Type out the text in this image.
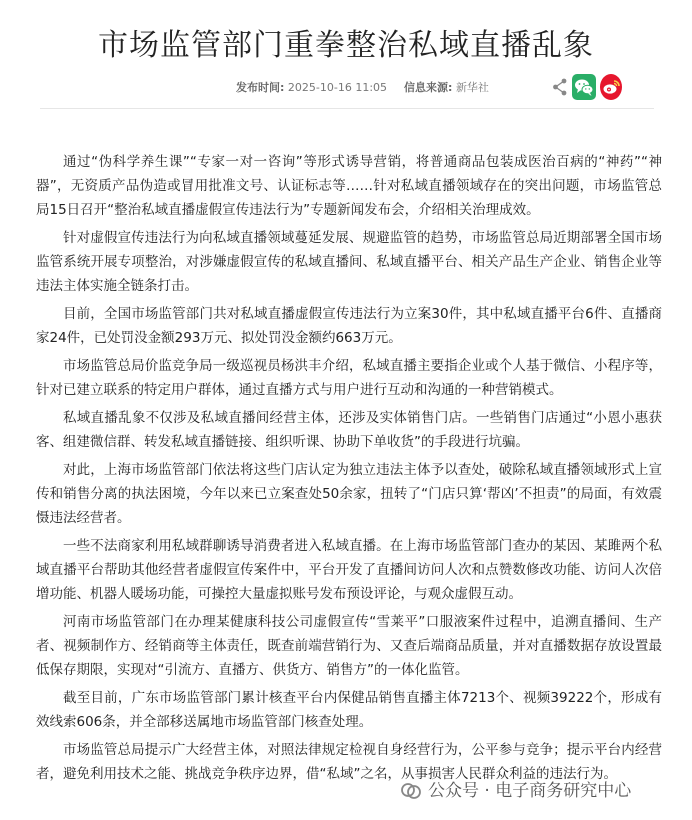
市场监管部门重拳整治私域直播乱象
发布时间: 2025-10-16 11:05 信息来源: 新华社

通过“伪科学养生课”“专家一对一咨询”等形式诱导营销，将普通商品包装成医治百病的“神药”“神器”，无资质产品伪造或冒用批准文号、认证标志等……针对私域直播领域存在的突出问题，市场监管总局15日召开“整治私域直播虚假宣传违法行为”专题新闻发布会，介绍相关治理成效。

针对虚假宣传违法行为向私域直播领域蔓延发展、规避监管的趋势，市场监管总局近期部署全国市场监管系统开展专项整治，对涉嫌虚假宣传的私域直播间、私域直播平台、相关产品生产企业、销售企业等违法主体实施全链条打击。

目前，全国市场监管部门共对私域直播虚假宣传违法行为立案30件，其中私域直播平台6件、直播商家24件，已处罚没金额293万元、拟处罚没金额约663万元。

市场监管总局价监竞争局一级巡视员杨洪丰介绍，私域直播主要指企业或个人基于微信、小程序等，针对已建立联系的特定用户群体，通过直播方式与用户进行互动和沟通的一种营销模式。

私域直播乱象不仅涉及私域直播间经营主体，还涉及实体销售门店。一些销售门店通过“小恩小惠获客、组建微信群、转发私域直播链接、组织听课、协助下单收货”的手段进行坑骗。

对此，上海市场监管部门依法将这些门店认定为独立违法主体予以查处，破除私域直播领域形式上宣传和销售分离的执法困境，今年以来已立案查处50余家，扭转了“门店只算‘帮凶’不担责”的局面，有效震慑违法经营者。

一些不法商家利用私域群聊诱导消费者进入私域直播。在上海市场监管部门查办的某因、某雎两个私域直播平台帮助其他经营者虚假宣传案件中，平台开发了直播间访问人次和点赞数修改功能、访问人次倍增功能、机器人暖场功能，可操控大量虚拟账号发布预设评论，与观众虚假互动。

河南市场监管部门在办理某健康科技公司虚假宣传“雪莱平”口服液案件过程中，追溯直播间、生产者、视频制作方、经销商等主体责任，既查前端营销行为、又查后端商品质量，并对直播数据存放设置最低保存期限，实现对“引流方、直播方、供货方、销售方”的一体化监管。

截至目前，广东市场监管部门累计核查平台内保健品销售直播主体7213个、视频39222个，形成有效线索606条，并全部移送属地市场监管部门核查处理。

市场监管总局提示广大经营主体，对照法律规定检视自身经营行为，公平参与竞争；提示平台内经营者，避免利用技术之能、挑战竞争秩序边界，借“私域”之名，从事损害人民群众利益的违法行为。

公众号 · 电子商务研究中心
